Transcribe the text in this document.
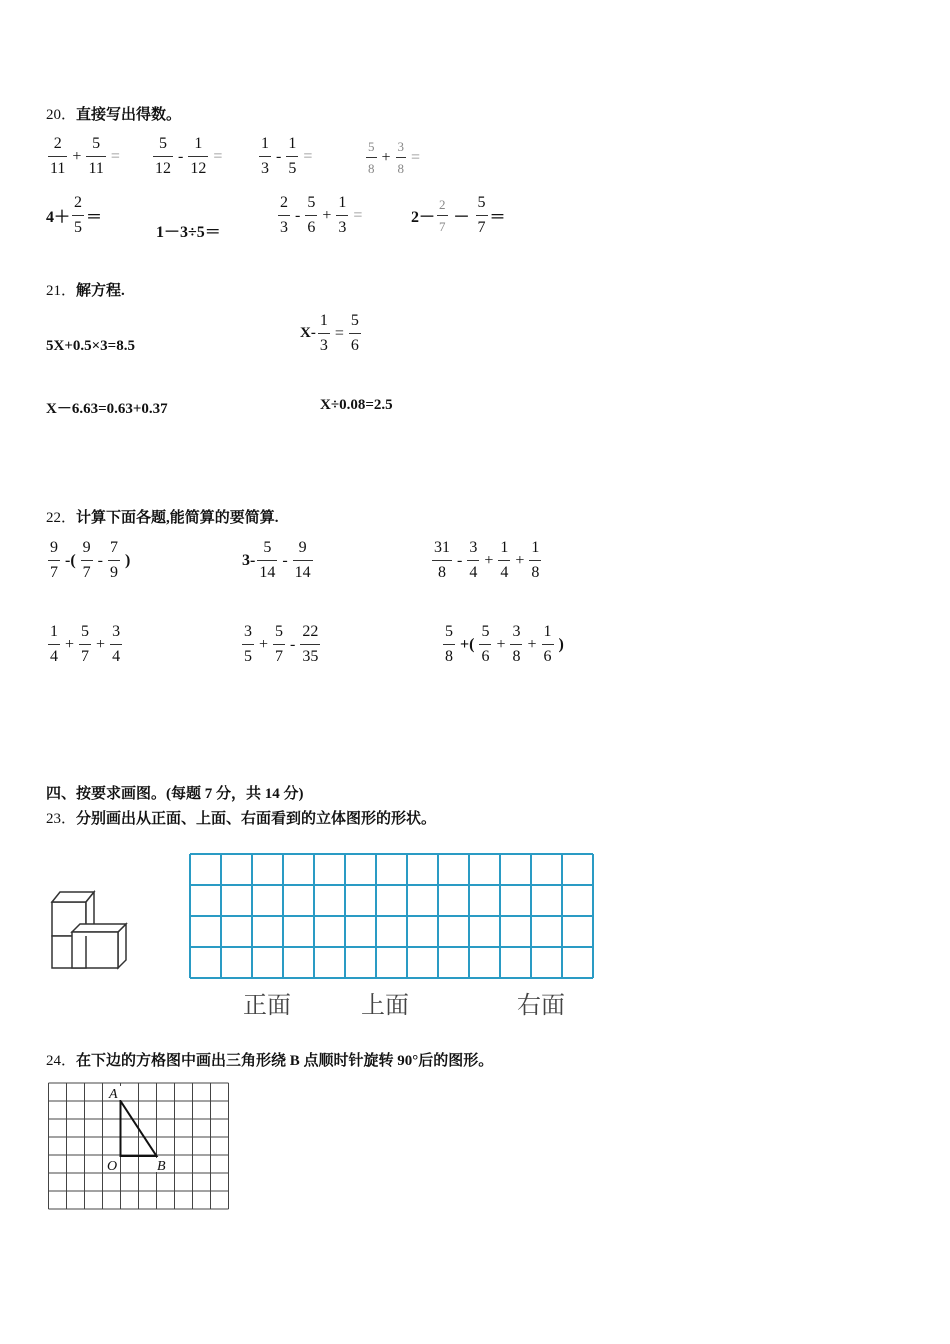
20．直接写出得数。
$\frac{2}{11} + \frac{5}{11} = \frac{5}{12} - \frac{1}{12} = \frac{1}{3} - \frac{1}{5}$ =	$\frac{5}{8} + \frac{3}{8}$ =
$4+ \frac{2}{5}$ ＝
1－3÷5＝	$\frac{2}{3} - \frac{5}{6} + \frac{1}{3}$ =	$2- \frac{2}{7} - \frac{5}{7}$ ＝
21．解方程.
5X+0.5×3=8.5
$X- \frac{1}{3} = \frac{5}{6}$
X－6.63=0.63+0.37	X÷0.08=2.5
22．计算下面各题,能简算的要简算.
$\frac{9}{7}$ -( $\frac{9}{7} - \frac{7}{9}$ )	$3- \frac{5}{14} - \frac{9}{14}$	$\frac{31}{8} - \frac{3}{4} + \frac{1}{4} + \frac{1}{8}$
$\frac{1}{4} + \frac{5}{7} + \frac{3}{4}$	$\frac{3}{5} + \frac{5}{7} - \frac{22}{35}$	$\frac{5}{8}$ +( $\frac{5}{6} + \frac{3}{8} + \frac{1}{6}$ )
四、按要求画图。(每题 7 分，共 14 分)
23．分别画出从正面、上面、右面看到的立体图形的形状。
正面	上面	右面
24．在下边的方格图中画出三角形绕 B 点顺时针旋转 90°后的图形。
A
O	B
